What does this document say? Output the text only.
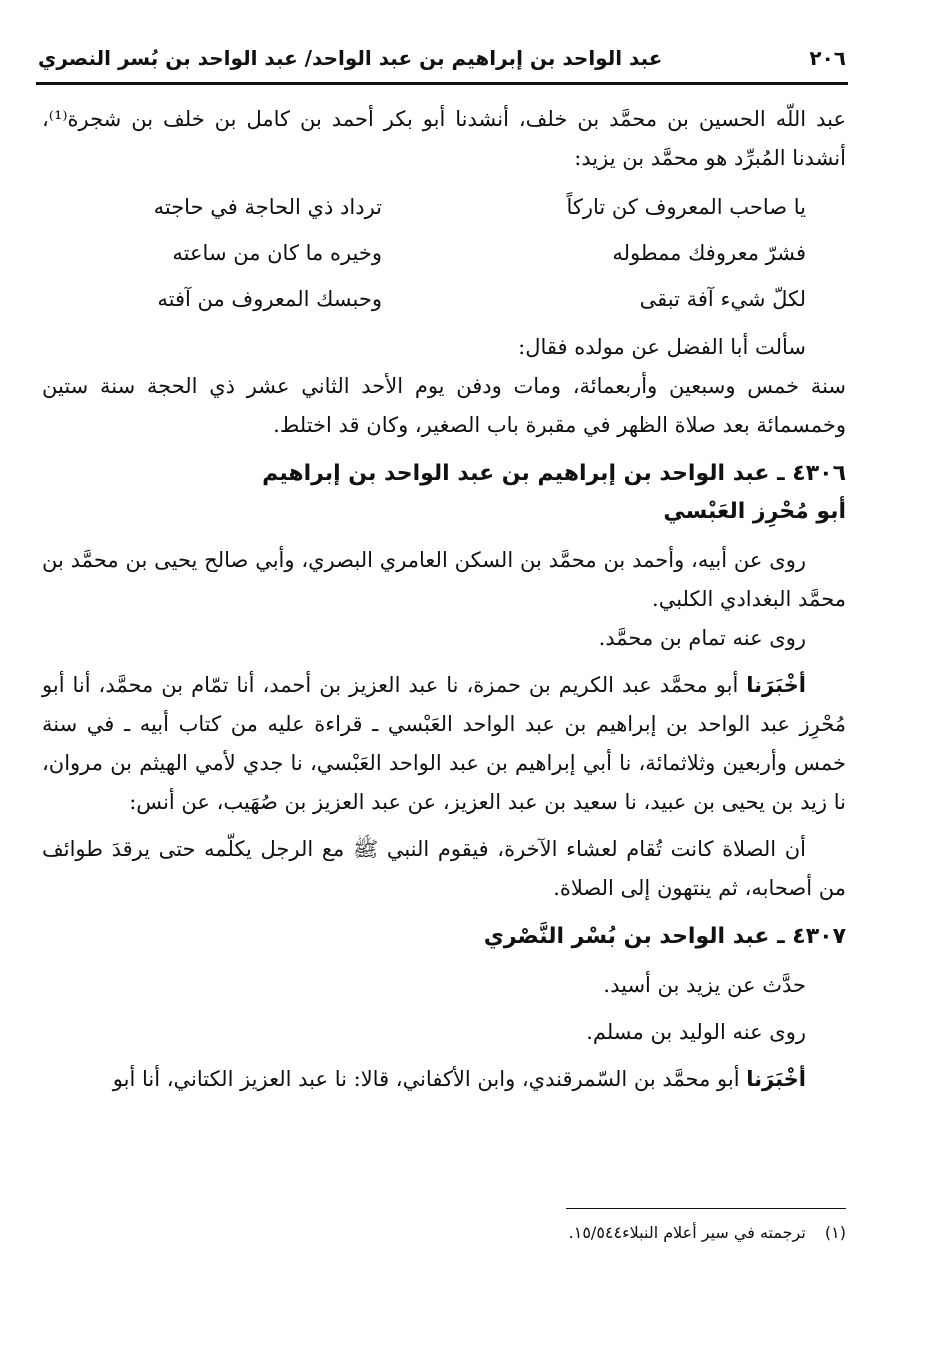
٢٠٦
عبد الواحد بن إبراهيم بن عبد الواحد/ عبد الواحد بن بُسر النصري

عبد اللّه الحسين بن محمَّد بن خلف، أنشدنا أبو بكر أحمد بن كامل بن خلف بن شجرة⁽¹⁾، أنشدنا المُبرِّد هو محمَّد بن يزيد:

يا صاحب المعروف كن تاركاً
ترداد ذي الحاجة في حاجته
فشرّ معروفك ممطوله
وخيره ما كان من ساعته
لكلّ شيء آفة تبقى
وحبسك المعروف من آفته

سألت أبا الفضل عن مولده فقال:

سنة خمس وسبعين وأربعمائة، ومات ودفن يوم الأحد الثاني عشر ذي الحجة سنة ستين وخمسمائة بعد صلاة الظهر في مقبرة باب الصغير، وكان قد اختلط.

٤٣٠٦ ـ عبد الواحد بن إبراهيم بن عبد الواحد بن إبراهيم
أبو مُحْرِز العَبْسي

روى عن أبيه، وأحمد بن محمَّد بن السكن العامري البصري، وأبي صالح يحيى بن محمَّد بن محمَّد البغدادي الكلبي.

روى عنه تمام بن محمَّد.

أخْبَرَنا أبو محمَّد عبد الكريم بن حمزة، نا عبد العزيز بن أحمد، أنا تمّام بن محمَّد، أنا أبو مُحْرِز عبد الواحد بن إبراهيم بن عبد الواحد العَبْسي ـ قراءة عليه من كتاب أبيه ـ في سنة خمس وأربعين وثلاثمائة، نا أبي إبراهيم بن عبد الواحد العَبْسي، نا جدي لأمي الهيثم بن مروان، نا زيد بن يحيى بن عبيد، نا سعيد بن عبد العزيز، عن عبد العزيز بن صُهَيب، عن أنس:

أن الصلاة كانت تُقام لعشاء الآخرة، فيقوم النبي ﷺ مع الرجل يكلّمه حتى يرقدَ طوائف من أصحابه، ثم ينتهون إلى الصلاة.

٤٣٠٧ ـ عبد الواحد بن بُسْر النَّصْري

حدَّث عن يزيد بن أسيد.

روى عنه الوليد بن مسلم.

أخْبَرَنا أبو محمَّد بن السّمرقندي، وابن الأكفاني، قالا: نا عبد العزيز الكتاني، أنا أبو

(١) ترجمته في سير أعلام النبلاء١٥/٥٤٤.
